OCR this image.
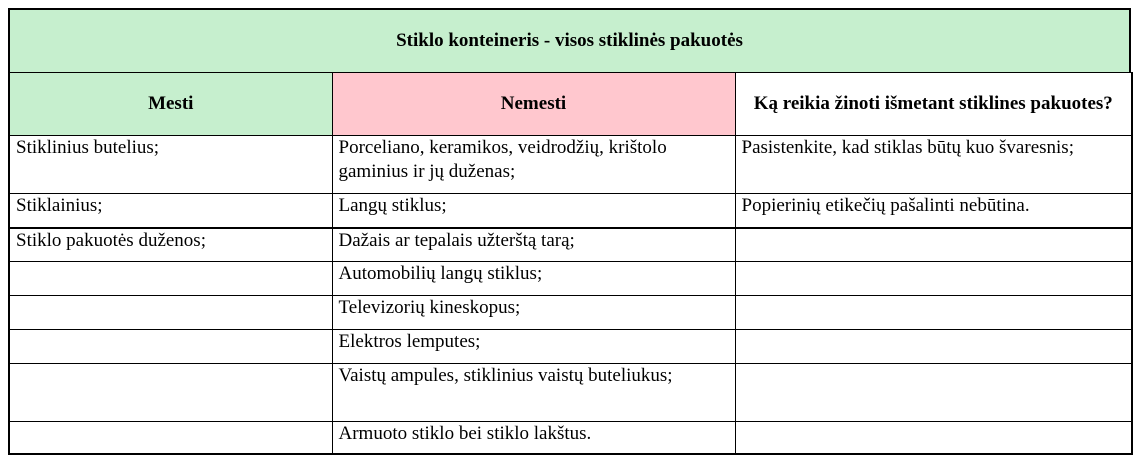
Stiklo konteineris - visos stiklinės pakuotės
Mesti	Nemesti	Ką reikia žinoti išmetant stiklines pakuotes?
Stiklinius butelius;	Porceliano, keramikos, veidrodžių, krištolo gaminius ir jų duženas;	Pasistenkite, kad stiklas būtų kuo švaresnis;
Stiklainius;	Langų stiklus;	Popierinių etikečių pašalinti nebūtina.
Stiklo pakuotės duženos;	Dažais ar tepalais užterštą tarą;	
	Automobilių langų stiklus;	
	Televizorių kineskopus;	
	Elektros lemputes;	
	Vaistų ampules, stiklinius vaistų buteliukus;	
	Armuoto stiklo bei stiklo lakštus.	
